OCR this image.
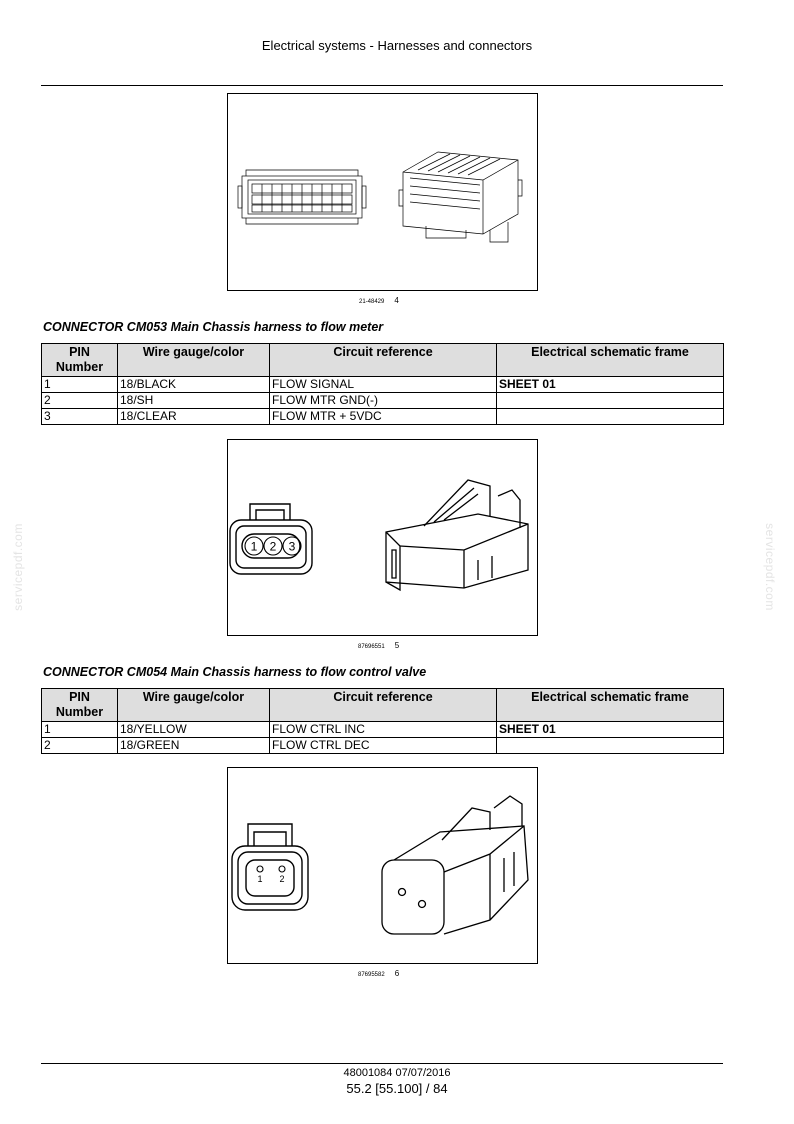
Electrical systems - Harnesses and connectors
servicepdf.com	servicepdf.com
21-48429 4
CONNECTOR CM053 Main Chassis harness to flow meter
PIN Number	Wire gauge/color	Circuit reference	Electrical schematic frame
1	18/BLACK	FLOW SIGNAL	SHEET 01
2	18/SH	FLOW MTR GND(-)	
3	18/CLEAR	FLOW MTR + 5VDC	
1 2 3
87696551 5
CONNECTOR CM054 Main Chassis harness to flow control valve
PIN Number	Wire gauge/color	Circuit reference	Electrical schematic frame
1	18/YELLOW	FLOW CTRL INC	SHEET 01
2	18/GREEN	FLOW CTRL DEC	
1 2
87695582 6
48001084 07/07/2016
55.2 [55.100] / 84
